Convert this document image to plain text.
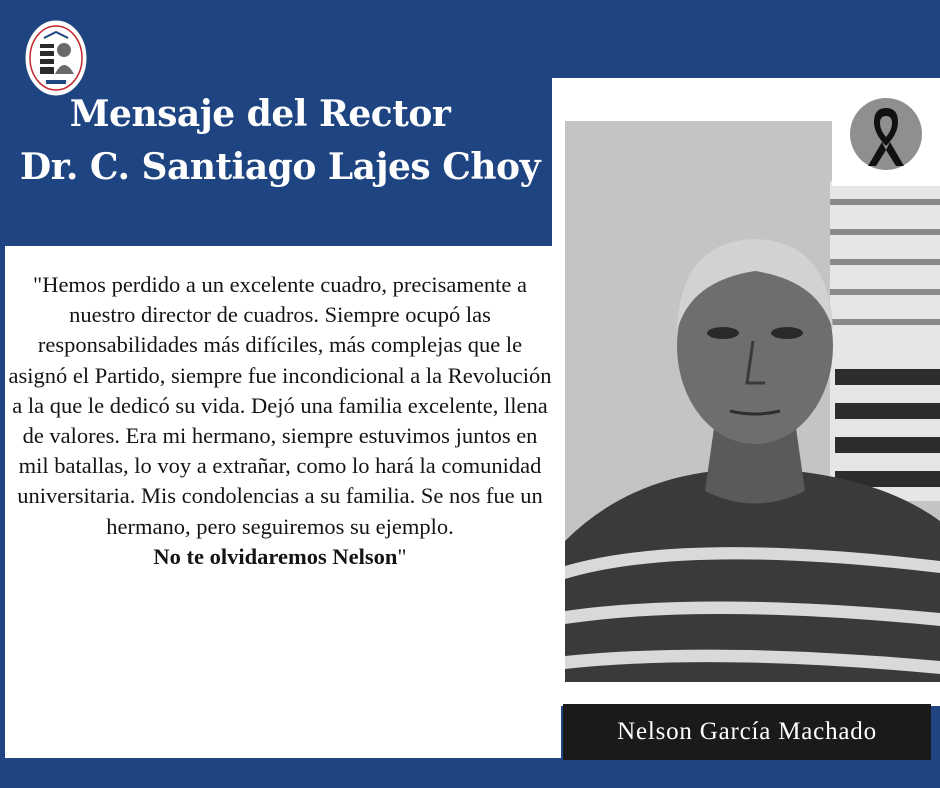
Mensaje del Rector
Dr. C. Santiago Lajes Choy

"Hemos perdido a un excelente cuadro, precisamente a nuestro director de cuadros. Siempre ocupó las responsabilidades más difíciles, más complejas que le asignó el Partido, siempre fue incondicional a la Revolución a la que le dedicó su vida. Dejó una familia excelente, llena de valores. Era mi hermano, siempre estuvimos juntos en mil batallas, lo voy a extrañar, como lo hará la comunidad universitaria. Mis condolencias a su familia. Se nos fue un hermano, pero seguiremos su ejemplo.
No te olvidaremos Nelson"

Nelson García Machado
